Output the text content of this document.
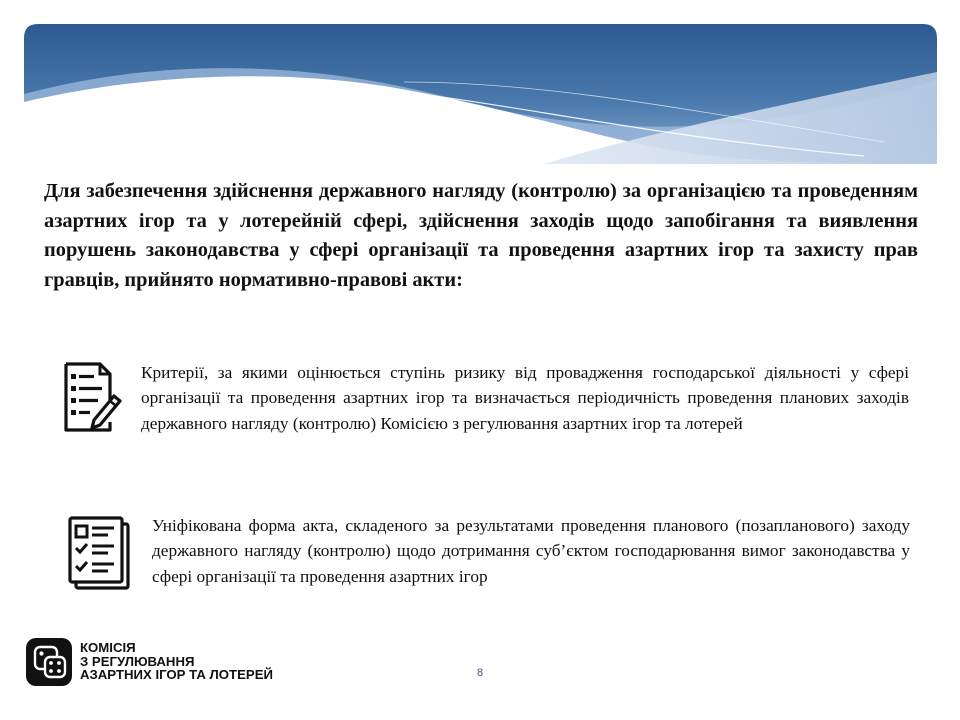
Для забезпечення здійснення державного нагляду (контролю) за організацією та проведенням азартних ігор та у лотерейній сфері, здійснення заходів щодо запобігання та виявлення порушень законодавства у сфері організації та проведення азартних ігор та захисту прав гравців, прийнято нормативно-правові акти:

Критерії, за якими оцінюється ступінь ризику від провадження господарської діяльності у сфері організації та проведення азартних ігор та визначається періодичність проведення планових заходів державного нагляду (контролю) Комісією з регулювання азартних ігор та лотерей

Уніфікована форма акта, складеного за результатами проведення планового (позапланового) заходу державного нагляду (контролю) щодо дотримання суб’єктом господарювання вимог законодавства у сфері організації та проведення азартних ігор

КОМІСІЯ
З РЕГУЛЮВАННЯ
АЗАРТНИХ ІГОР ТА ЛОТЕРЕЙ	8
